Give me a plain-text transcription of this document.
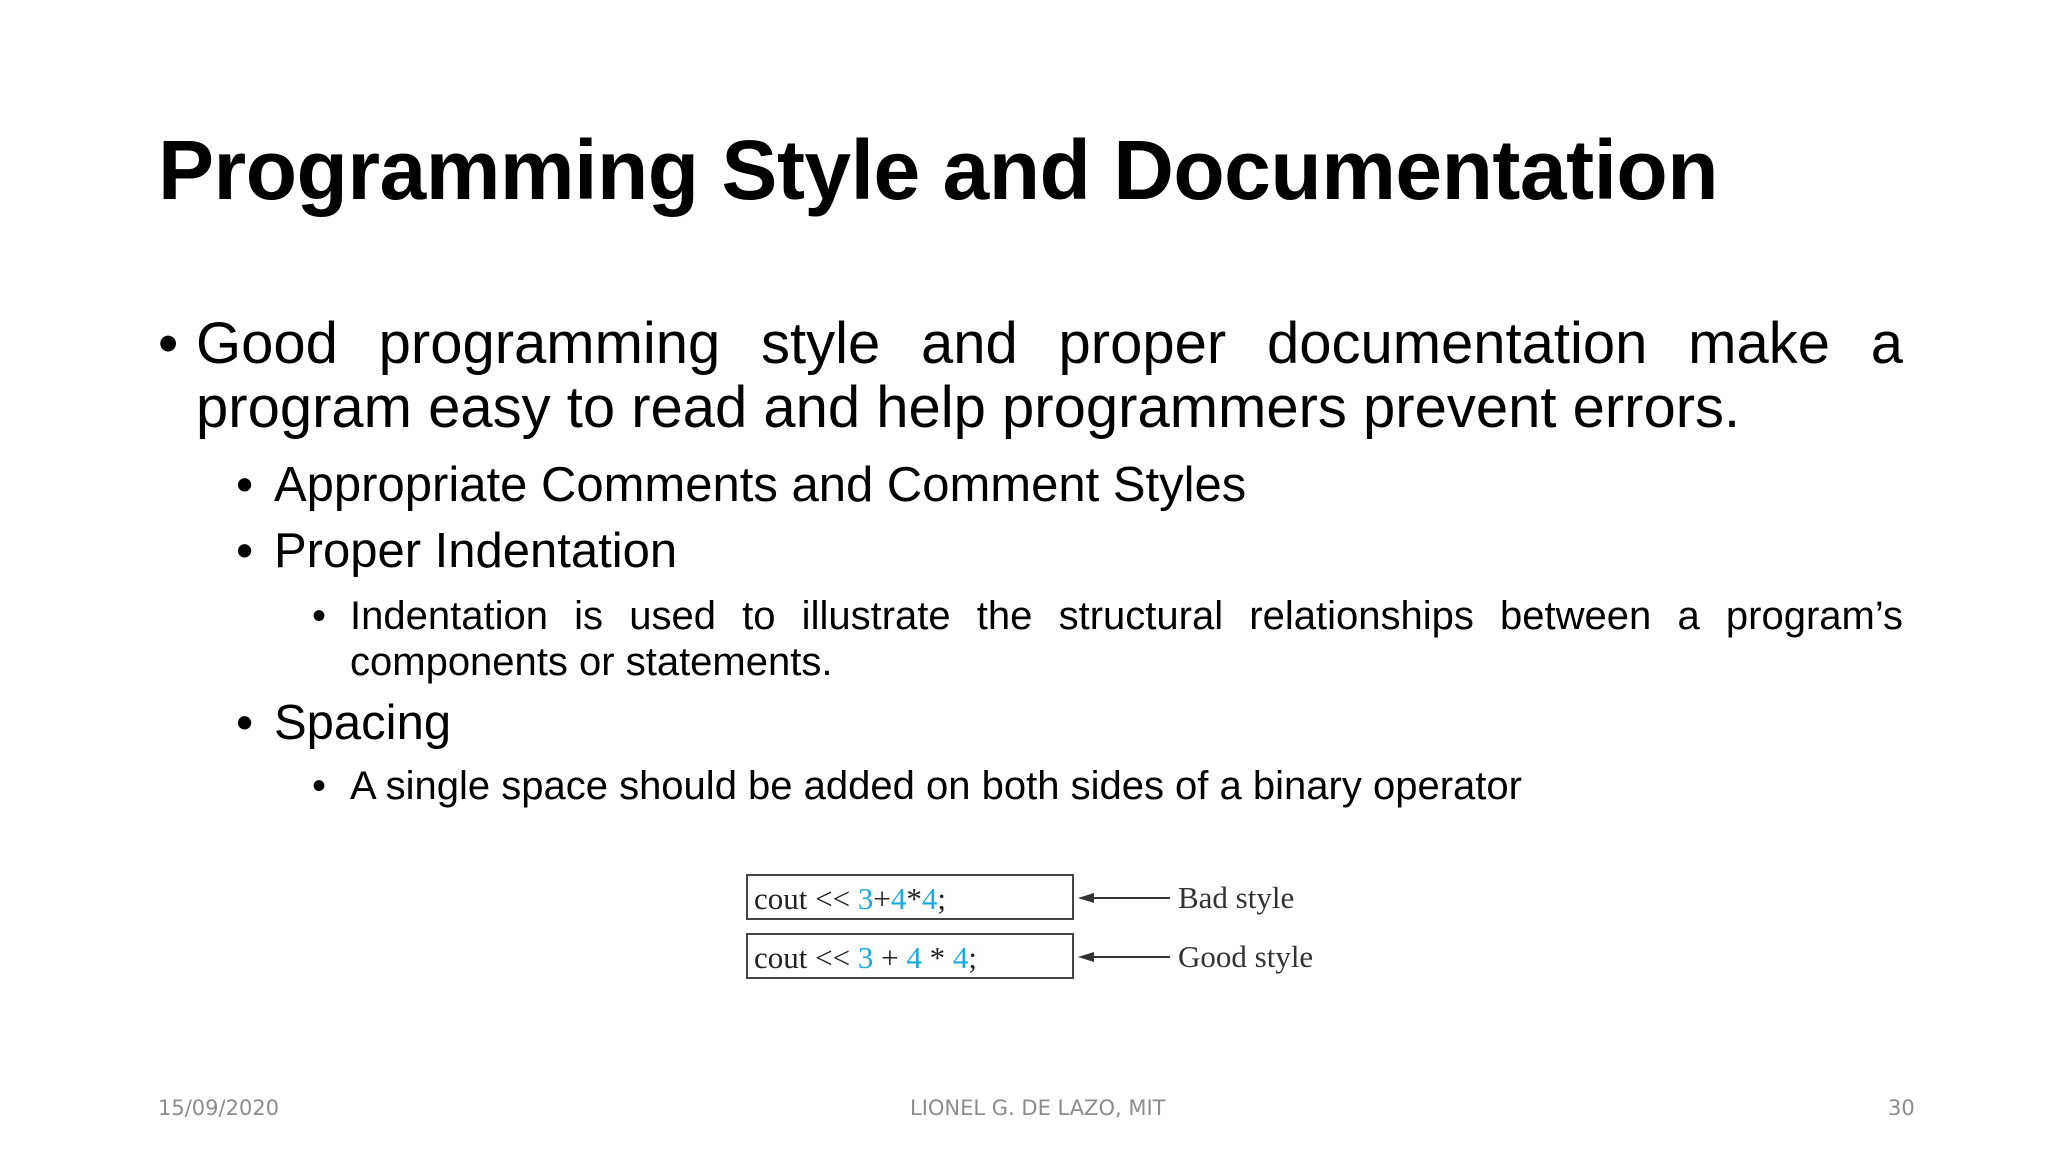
Programming Style and Documentation
• Good programming style and proper documentation make a program easy to read and help programmers prevent errors.
• Appropriate Comments and Comment Styles
• Proper Indentation
• Indentation is used to illustrate the structural relationships between a program’s components or statements.
• Spacing
• A single space should be added on both sides of a binary operator
cout << 3+4*4;
cout << 3 + 4 * 4;
Bad style
Good style
15/09/2020	LIONEL G. DE LAZO, MIT	30
